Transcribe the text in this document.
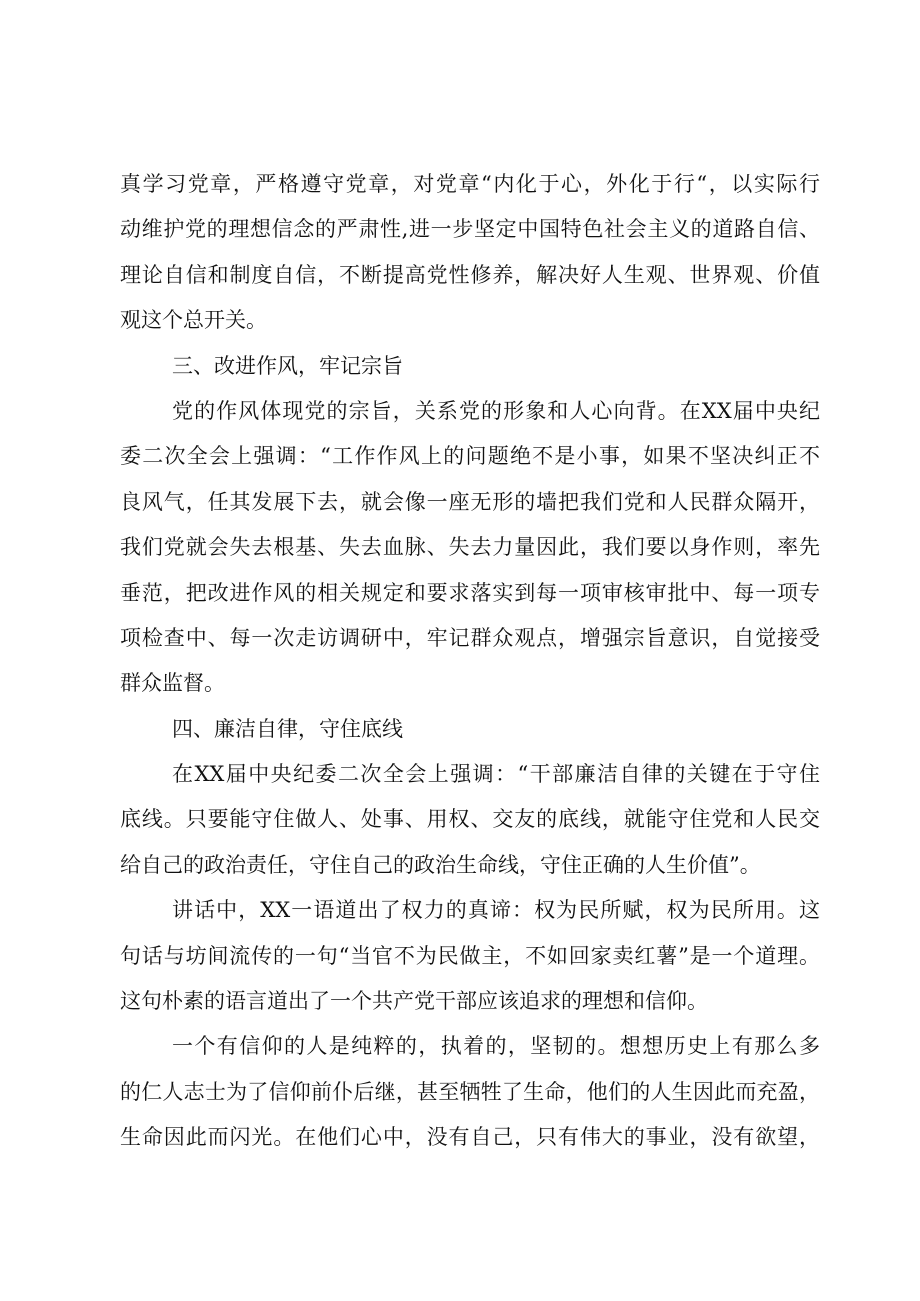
真学习党章，严格遵守党章，对党章“内化于心，外化于行“，以实际行
动维护党的理想信念的严肃性,进一步坚定中国特色社会主义的道路自信、
理论自信和制度自信，不断提高党性修养，解决好人生观、世界观、价值
观这个总开关。
三、改进作风，牢记宗旨
党的作风体现党的宗旨，关系党的形象和人心向背。在XX届中央纪
委二次全会上强调：“工作作风上的问题绝不是小事，如果不坚决纠正不
良风气，任其发展下去，就会像一座无形的墙把我们党和人民群众隔开，
我们党就会失去根基、失去血脉、失去力量因此，我们要以身作则，率先
垂范，把改进作风的相关规定和要求落实到每一项审核审批中、每一项专
项检查中、每一次走访调研中，牢记群众观点，增强宗旨意识，自觉接受
群众监督。
四、廉洁自律，守住底线
在XX届中央纪委二次全会上强调：“干部廉洁自律的关键在于守住
底线。只要能守住做人、处事、用权、交友的底线，就能守住党和人民交
给自己的政治责任，守住自己的政治生命线，守住正确的人生价值”。
讲话中，XX一语道出了权力的真谛：权为民所赋，权为民所用。这
句话与坊间流传的一句“当官不为民做主，不如回家卖红薯”是一个道理。
这句朴素的语言道出了一个共产党干部应该追求的理想和信仰。
一个有信仰的人是纯粹的，执着的，坚韧的。想想历史上有那么多
的仁人志士为了信仰前仆后继，甚至牺牲了生命，他们的人生因此而充盈，
生命因此而闪光。在他们心中，没有自己，只有伟大的事业，没有欲望，
